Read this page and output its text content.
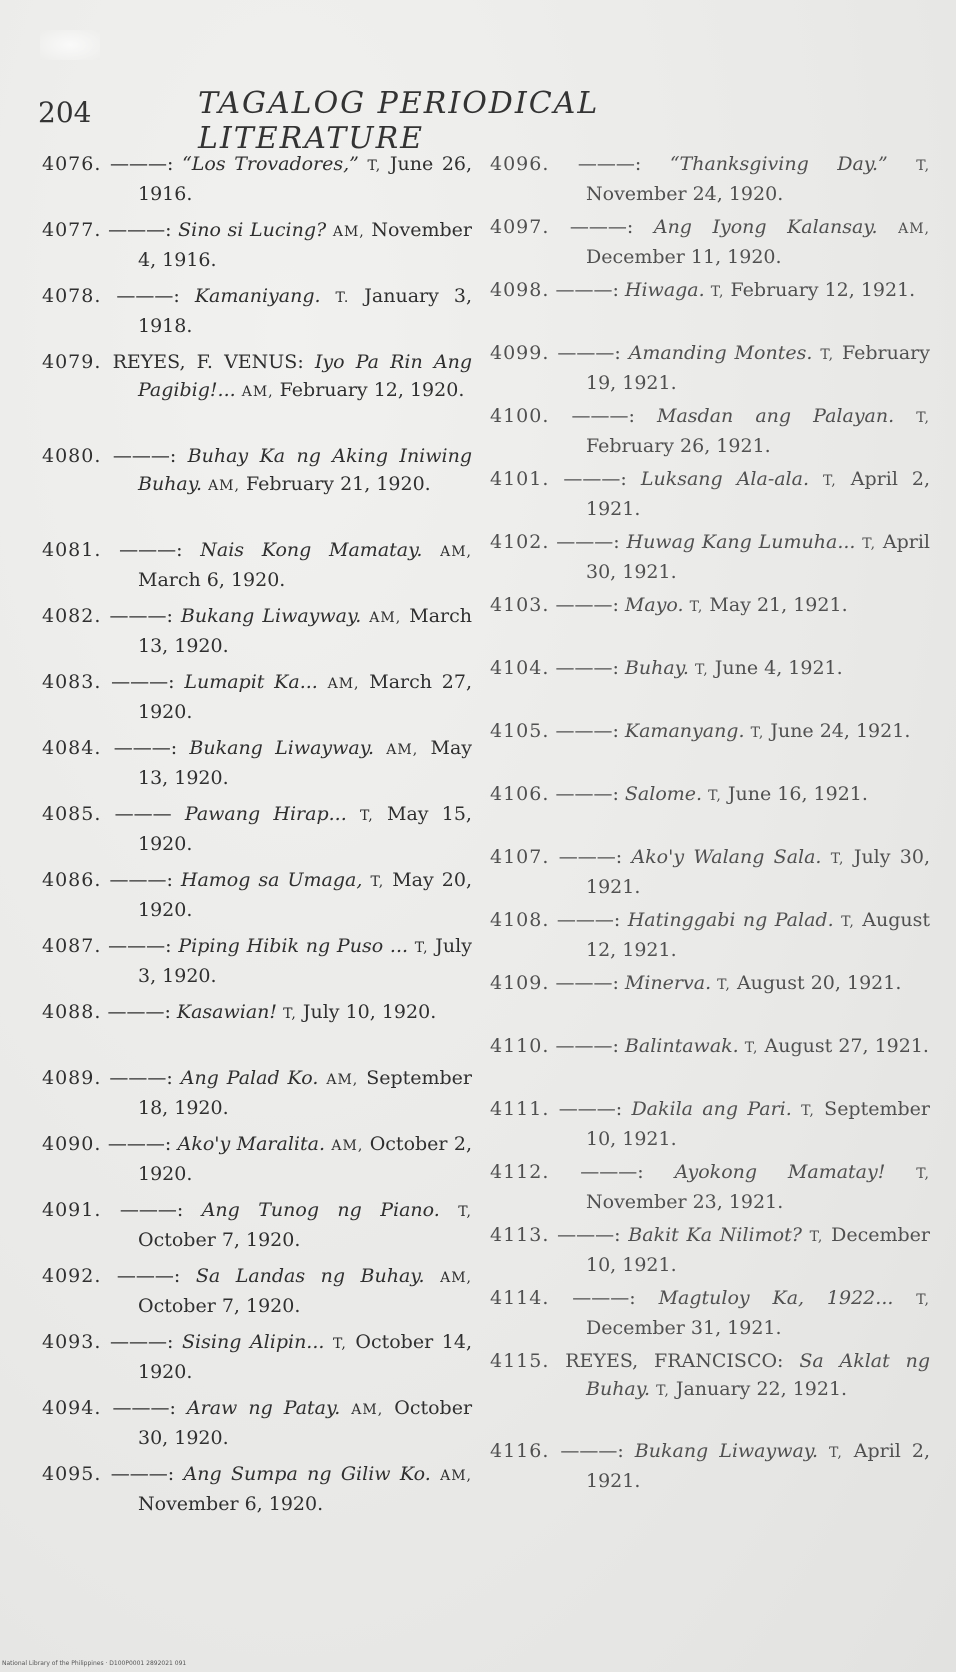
204	TAGALOG PERIODICAL LITERATURE

4076. ———: “Los Trovadores,” T, June 26, 1916.

4077. ———: Sino si Lucing? AM, November 4, 1916.

4078. ———: Kamaniyang. T. January 3, 1918.

4079. REYES, F. VENUS: Iyo Pa Rin Ang Pagibig!... AM, February 12, 1920.

4080. ———: Buhay Ka ng Aking Iniwing Buhay. AM, February 21, 1920.

4081. ———: Nais Kong Mamatay. AM, March 6, 1920.

4082. ———: Bukang Liwayway. AM, March 13, 1920.

4083. ———: Lumapit Ka... AM, March 27, 1920.

4084. ———: Bukang Liwayway. AM, May 13, 1920.

4085. ——— Pawang Hirap... T, May 15, 1920.

4086. ———: Hamog sa Umaga, T, May 20, 1920.

4087. ———: Piping Hibik ng Puso ... T, July 3, 1920.

4088. ———: Kasawian! T, July 10, 1920.

4089. ———: Ang Palad Ko. AM, September 18, 1920.

4090. ———: Ako'y Maralita. AM, October 2, 1920.

4091. ———: Ang Tunog ng Piano. T, October 7, 1920.

4092. ———: Sa Landas ng Buhay. AM, October 7, 1920.

4093. ———: Sising Alipin... T, October 14, 1920.

4094. ———: Araw ng Patay. AM, October 30, 1920.

4095. ———: Ang Sumpa ng Giliw Ko. AM, November 6, 1920.

4096. ———: “Thanksgiving Day.” T, November 24, 1920.

4097. ———: Ang Iyong Kalansay. AM, December 11, 1920.

4098. ———: Hiwaga. T, February 12, 1921.

4099. ———: Amanding Montes. T, February 19, 1921.

4100. ———: Masdan ang Palayan. T, February 26, 1921.

4101. ———: Luksang Ala-ala. T, April 2, 1921.

4102. ———: Huwag Kang Lumuha... T, April 30, 1921.

4103. ———: Mayo. T, May 21, 1921.

4104. ———: Buhay. T, June 4, 1921.

4105. ———: Kamanyang. T, June 24, 1921.

4106. ———: Salome. T, June 16, 1921.

4107. ———: Ako'y Walang Sala. T, July 30, 1921.

4108. ———: Hatinggabi ng Palad. T, August 12, 1921.

4109. ———: Minerva. T, August 20, 1921.

4110. ———: Balintawak. T, August 27, 1921.

4111. ———: Dakila ang Pari. T, September 10, 1921.

4112. ———: Ayokong Mamatay! T, November 23, 1921.

4113. ———: Bakit Ka Nilimot? T, December 10, 1921.

4114. ———: Magtuloy Ka, 1922... T, December 31, 1921.

4115. REYES, FRANCISCO: Sa Aklat ng Buhay. T, January 22, 1921.

4116. ———: Bukang Liwayway. T, April 2, 1921.

National Library of the Philippines · D100P0001 2892021 091
